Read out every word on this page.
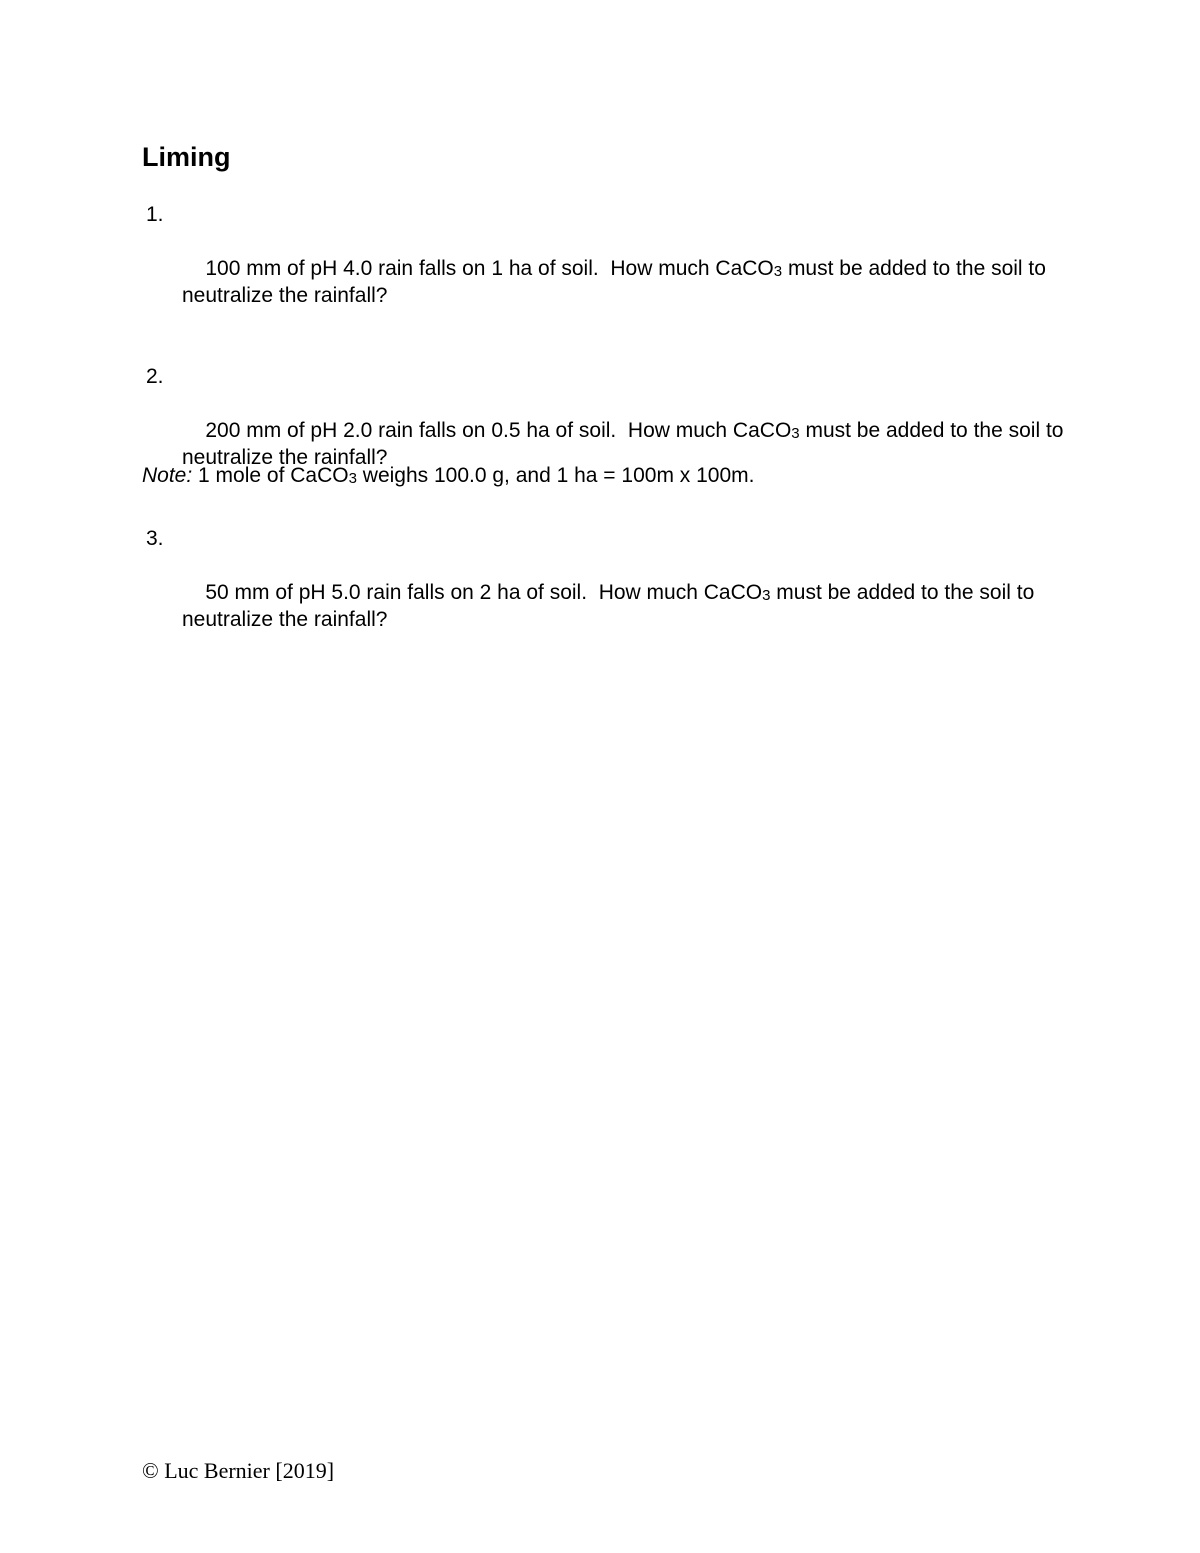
Liming

1.

100 mm of pH 4.0 rain falls on 1 ha of soil.  How much CaCO3 must be added to the soil to neutralize the rainfall?

2.

200 mm of pH 2.0 rain falls on 0.5 ha of soil.  How much CaCO3 must be added to the soil to neutralize the rainfall?

3.

50 mm of pH 5.0 rain falls on 2 ha of soil.  How much CaCO3 must be added to the soil to neutralize the rainfall?

Note: 1 mole of CaCO3 weighs 100.0 g, and 1 ha = 100m x 100m.

© Luc Bernier [2019]
